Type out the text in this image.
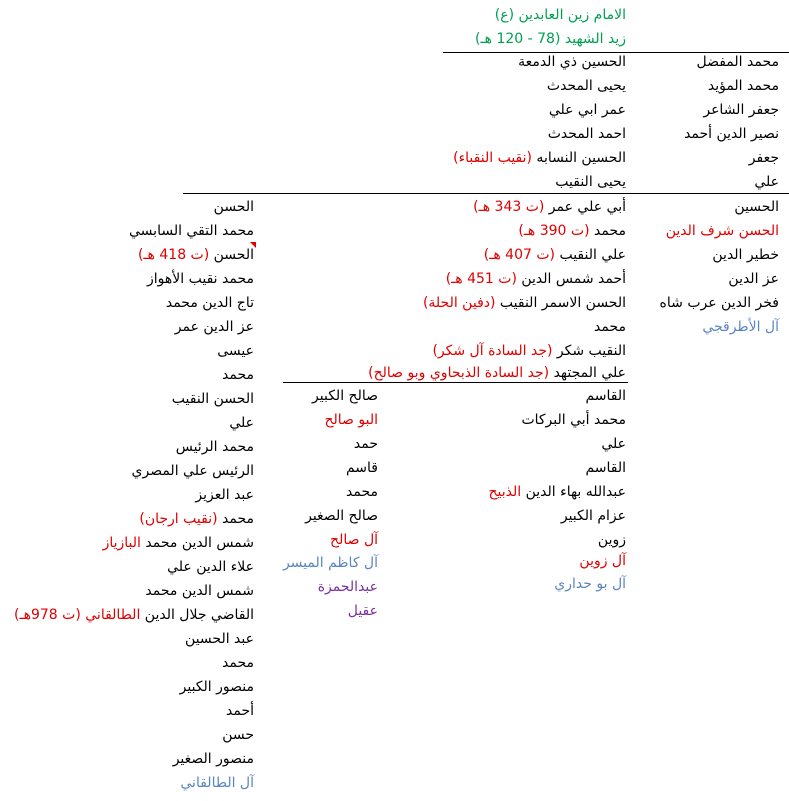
الامام زين العابدين (ع)
زيد الشهيد (78 - 120 هـ)
محمد المفضل
محمد المؤيد
جعفر الشاعر
نصير الدين أحمد
جعفر
علي
الحسين
الحسن شرف الدين
خطير الدين
عز الدين
فخر الدين عرب شاه
آل الأطرقجي
الحسين ذي الدمعة
يحيى المحدث
عمر ابي علي
احمد المحدث
الحسين النسابه (نقيب النقباء)
يحيى النقيب
أبي علي عمر (ت 343 هـ)
محمد (ت 390 هـ)
علي النقيب (ت 407 هـ)
أحمد شمس الدين (ت 451 هـ)
الحسن الاسمر النقيب (دفين الحلة)
محمد
النقيب شكر (جد السادة آل شكر)
علي المجتهد (جد السادة الذبحاوي وبو صالح)
القاسم
محمد أبي البركات
علي
القاسم
عبدالله بهاء الدين الذبيح
عزام الكبير
زوين
آل زوين
آل بو حداري
صالح الكبير
البو صالح
حمد
قاسم
محمد
صالح الصغير
آل صالح
آل كاظم الميسر
عبدالحمزة
عقيل
الحسن
محمد التقي السابسي
الحسن (ت 418 هـ)
محمد نقيب الأهواز
تاج الدين محمد
عز الدين عمر
عيسى
محمد
الحسن النقيب
علي
محمد الرئيس
الرئيس علي المصري
عبد العزيز
محمد (نقيب ارجان)
شمس الدين محمد البازياز
علاء الدين علي
شمس الدين محمد
القاضي جلال الدين الطالقاني (ت 978هـ)
عبد الحسين
محمد
منصور الكبير
أحمد
حسن
منصور الصغير
آل الطالقاني
